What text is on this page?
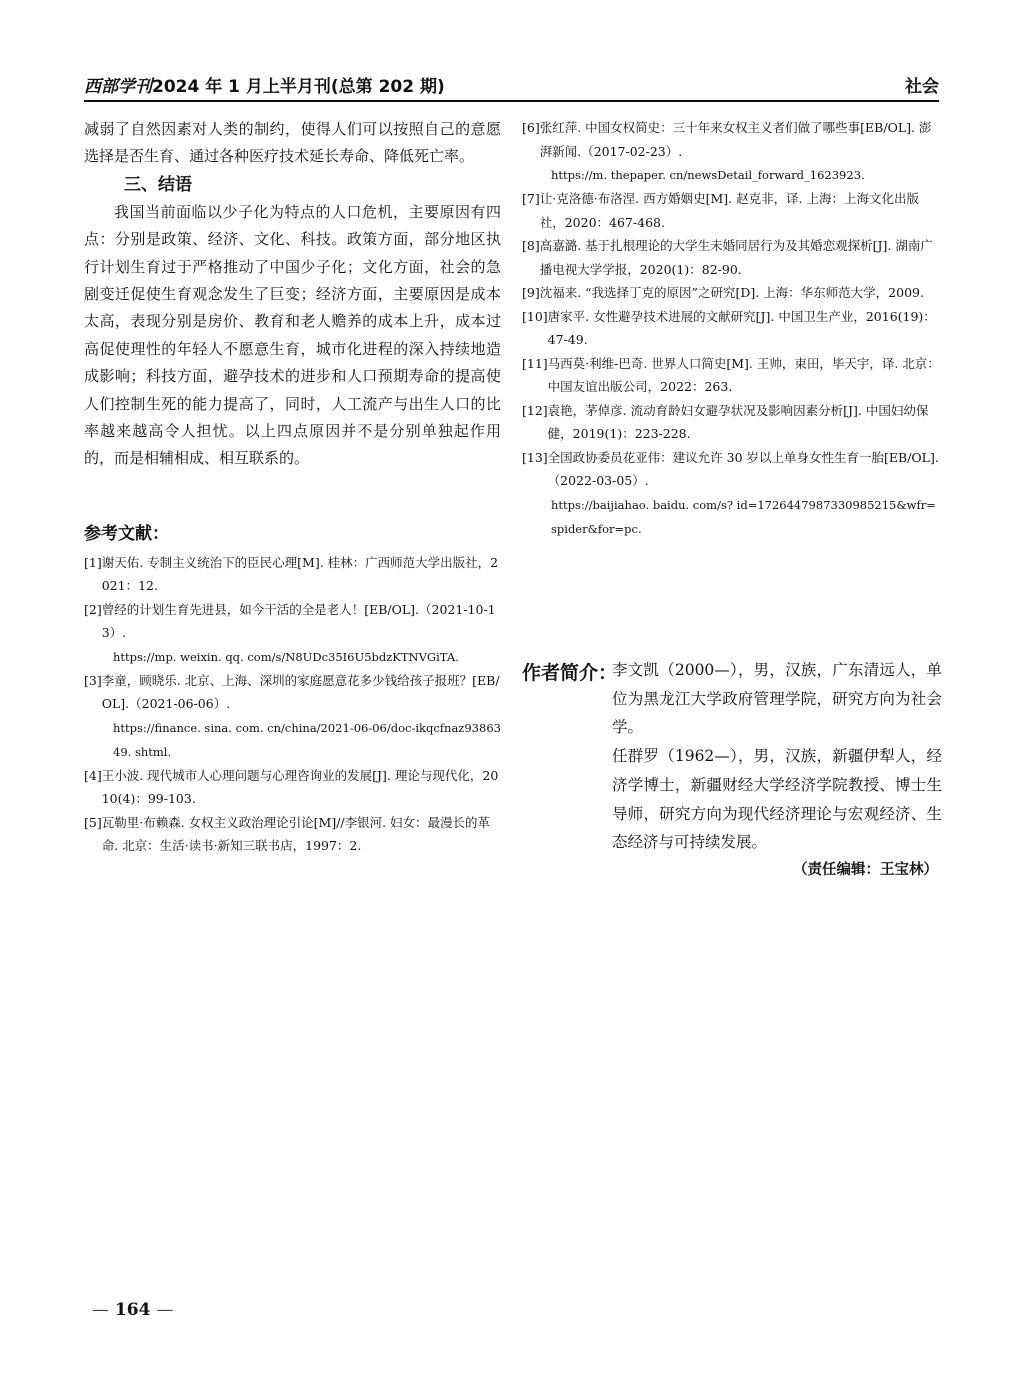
西部学刊2024 年 1 月上半月刊(总第 202 期)	社会

减弱了自然因素对人类的制约，使得人们可以按照自己的意愿选择是否生育、通过各种医疗技术延长寿命、降低死亡率。

三、结语

我国当前面临以少子化为特点的人口危机，主要原因有四点：分别是政策、经济、文化、科技。政策方面，部分地区执行计划生育过于严格推动了中国少子化；文化方面，社会的急剧变迁促使生育观念发生了巨变；经济方面，主要原因是成本太高，表现分别是房价、教育和老人赡养的成本上升，成本过高促使理性的年轻人不愿意生育，城市化进程的深入持续地造成影响；科技方面，避孕技术的进步和人口预期寿命的提高使人们控制生死的能力提高了，同时，人工流产与出生人口的比率越来越高令人担忧。以上四点原因并不是分别单独起作用的，而是相辅相成、相互联系的。

参考文献：
[1] 谢天佑. 专制主义统治下的臣民心理[M]. 桂林：广西师范大学出版社，2021：12.
[2] 曾经的计划生育先进县，如今干活的全是老人！[EB/OL].（2021-10-13）.
https://mp. weixin. qq. com/s/N8UDc35I6U5bdzKTNVGiTA.
[3] 李童，顾晓乐. 北京、上海、深圳的家庭愿意花多少钱给孩子报班？[EB/OL].（2021-06-06）.
https://finance. sina. com. cn/china/2021-06-06/doc-ikqcfnaz9386349. shtml.
[4] 王小波. 现代城市人心理问题与心理咨询业的发展[J]. 理论与现代化，2010(4)：99-103.
[5] 瓦勒里·布赖森. 女权主义政治理论引论[M]//李银河. 妇女：最漫长的革命. 北京：生活·读书·新知三联书店，1997：2.
[6] 张红萍. 中国女权简史：三十年来女权主义者们做了哪些事[EB/OL]. 澎湃新闻.（2017-02-23）.
https://m. thepaper. cn/newsDetail_forward_1623923.
[7] 让·克洛德·布洛涅. 西方婚姻史[M]. 赵克非，译. 上海：上海文化出版社，2020：467-468.
[8] 高嘉潞. 基于扎根理论的大学生未婚同居行为及其婚恋观探析[J]. 湖南广播电视大学学报，2020(1)：82-90.
[9] 沈福来. “我选择丁克的原因”之研究[D]. 上海：华东师范大学，2009.
[10] 唐家平. 女性避孕技术进展的文献研究[J]. 中国卫生产业，2016(19)：47-49.
[11] 马西莫·利维-巴奇. 世界人口简史[M]. 王帅，束田，毕天宇，译. 北京：中国友谊出版公司，2022：263.
[12] 袁艳，茅倬彦. 流动育龄妇女避孕状况及影响因素分析[J]. 中国妇幼保健，2019(1)：223-228.
[13] 全国政协委员花亚伟：建议允许 30 岁以上单身女性生育一胎[EB/OL].（2022-03-05）.
https://baijiahao. baidu. com/s? id=1726447987330985215&wfr=spider&for=pc.
作者简介：

李文凯（2000—），男，汉族，广东清远人，单位为黑龙江大学政府管理学院，研究方向为社会学。

任群罗（1962—），男，汉族，新疆伊犁人，经济学博士，新疆财经大学经济学院教授、博士生导师，研究方向为现代经济理论与宏观经济、生态经济与可持续发展。

（责任编辑：王宝林）
— 164 —
